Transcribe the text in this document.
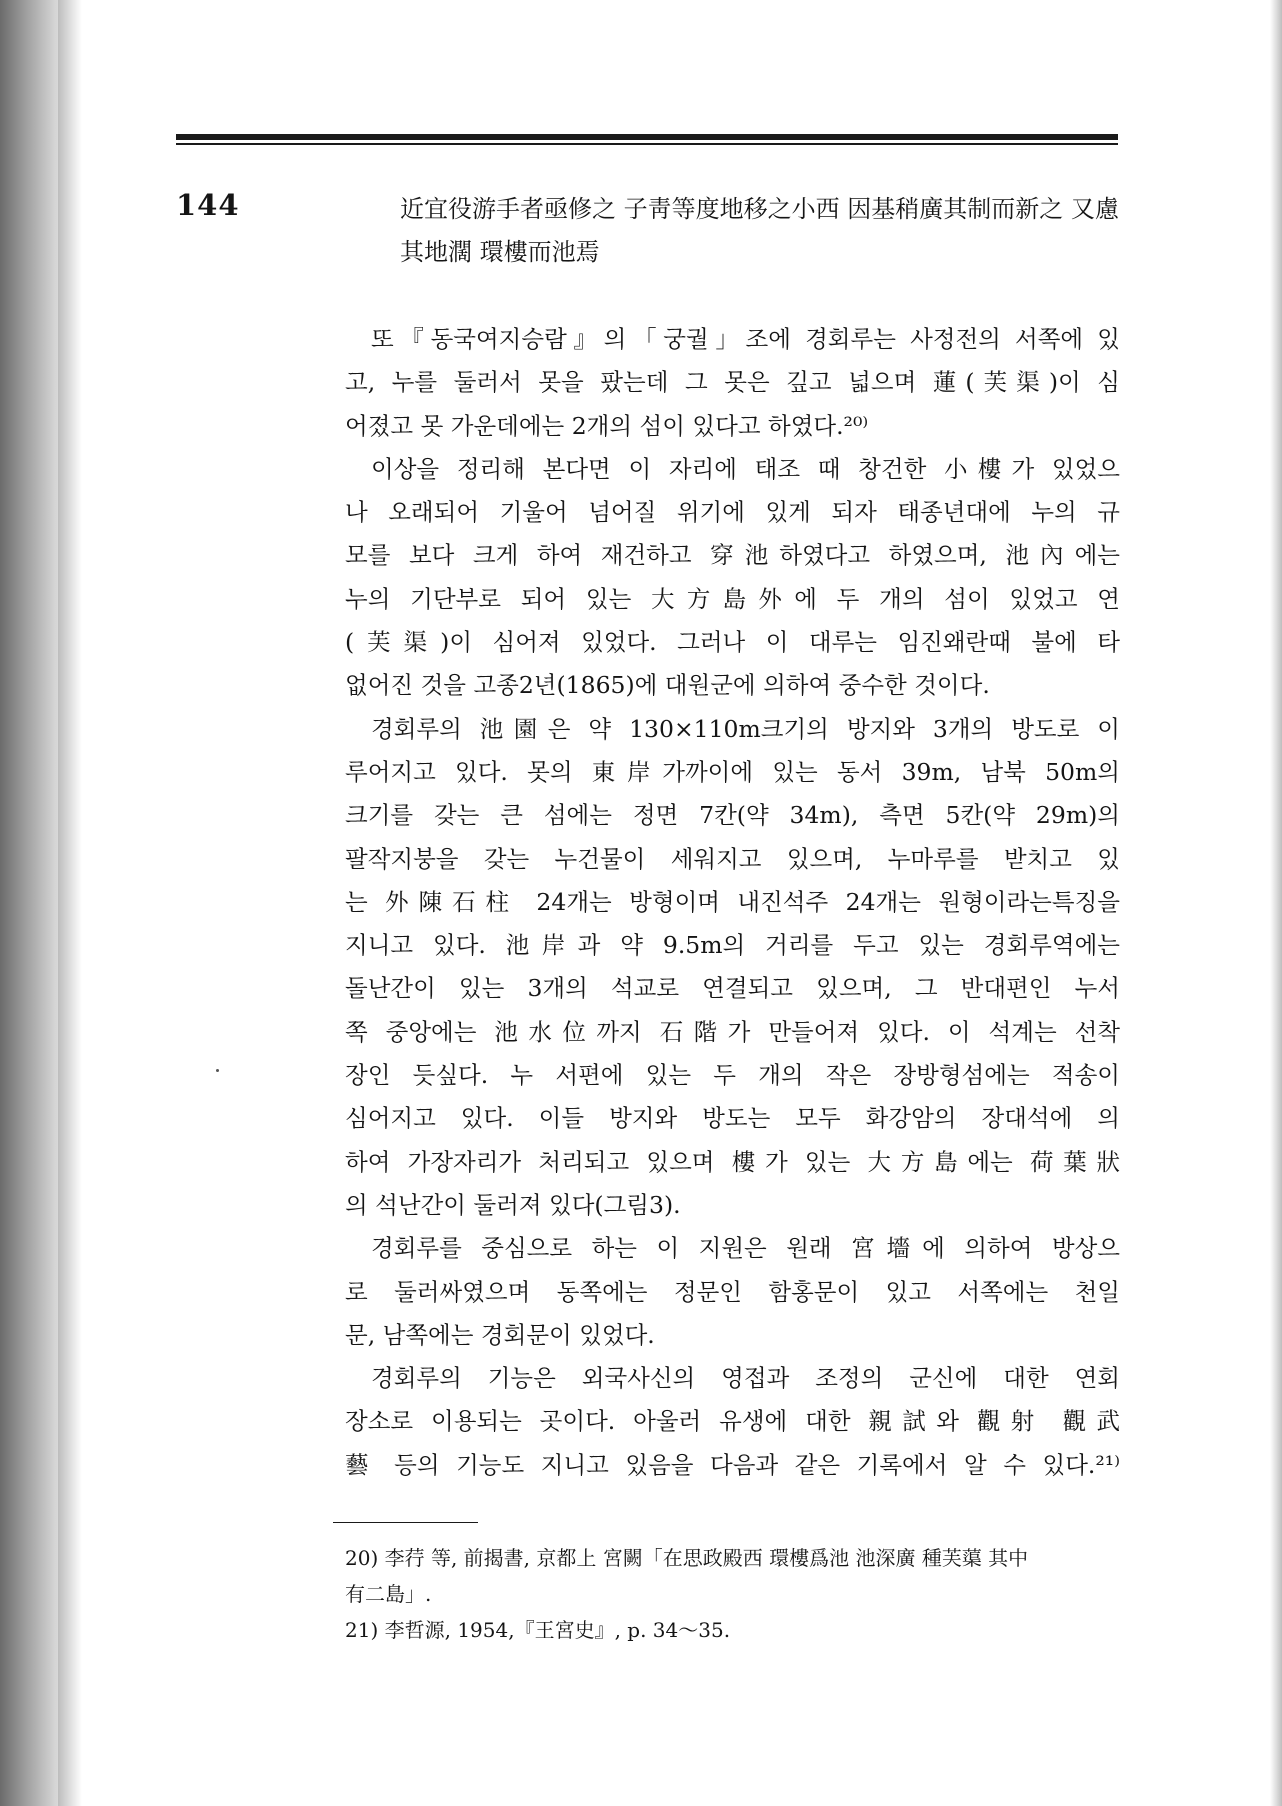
144	近宜役游手者亟修之 子靑等度地移之小西 因基稍廣其制而新之 又慮
其地濶 環樓而池焉
또『동국여지승람』의「궁궐」조에 경회루는 사정전의 서쪽에 있
고, 누를 둘러서 못을 팠는데 그 못은 깊고 넓으며 蓮(芙渠)이 심
어졌고 못 가운데에는 2개의 섬이 있다고 하였다.²⁰⁾
이상을 정리해 본다면 이 자리에 태조 때 창건한 小樓가 있었으
나 오래되어 기울어 넘어질 위기에 있게 되자 태종년대에 누의 규
모를 보다 크게 하여 재건하고 穿池하였다고 하였으며, 池內에는
누의 기단부로 되어 있는 大方島外에 두 개의 섬이 있었고 연
(芙渠)이 심어져 있었다. 그러나 이 대루는 임진왜란때 불에 타
없어진 것을 고종2년(1865)에 대원군에 의하여 중수한 것이다.
경회루의 池園은 약 130×110m크기의 방지와 3개의 방도로 이
루어지고 있다. 못의 東岸가까이에 있는 동서 39m, 남북 50m의
크기를 갖는 큰 섬에는 정면 7칸(약 34m), 측면 5칸(약 29m)의
팔작지붕을 갖는 누건물이 세워지고 있으며, 누마루를 받치고 있
는 外陳石柱 24개는 방형이며 내진석주 24개는 원형이라는특징을
지니고 있다. 池岸과 약 9.5m의 거리를 두고 있는 경회루역에는
돌난간이 있는 3개의 석교로 연결되고 있으며, 그 반대편인 누서
쪽 중앙에는 池水位까지 石階가 만들어져 있다. 이 석계는 선착
장인 듯싶다. 누 서편에 있는 두 개의 작은 장방형섬에는 적송이
심어지고 있다. 이들 방지와 방도는 모두 화강암의 장대석에 의
하여 가장자리가 처리되고 있으며 樓가 있는 大方島에는 荷葉狀
의 석난간이 둘러져 있다(그림3).
경회루를 중심으로 하는 이 지원은 원래 宮墻에 의하여 방상으
로 둘러싸였으며 동쪽에는 정문인 함홍문이 있고 서쪽에는 천일
문, 남쪽에는 경회문이 있었다.
경회루의 기능은 외국사신의 영접과 조정의 군신에 대한 연회
장소로 이용되는 곳이다. 아울러 유생에 대한 親試와 觀射 觀武
藝 등의 기능도 지니고 있음을 다음과 같은 기록에서 알 수 있다.²¹⁾
20) 李荇 等, 前揭書, 京都上 宮闕「在思政殿西 環樓爲池 池深廣 種芙蕖 其中
有二島」.
21) 李哲源, 1954,『王宮史』, p. 34～35.
